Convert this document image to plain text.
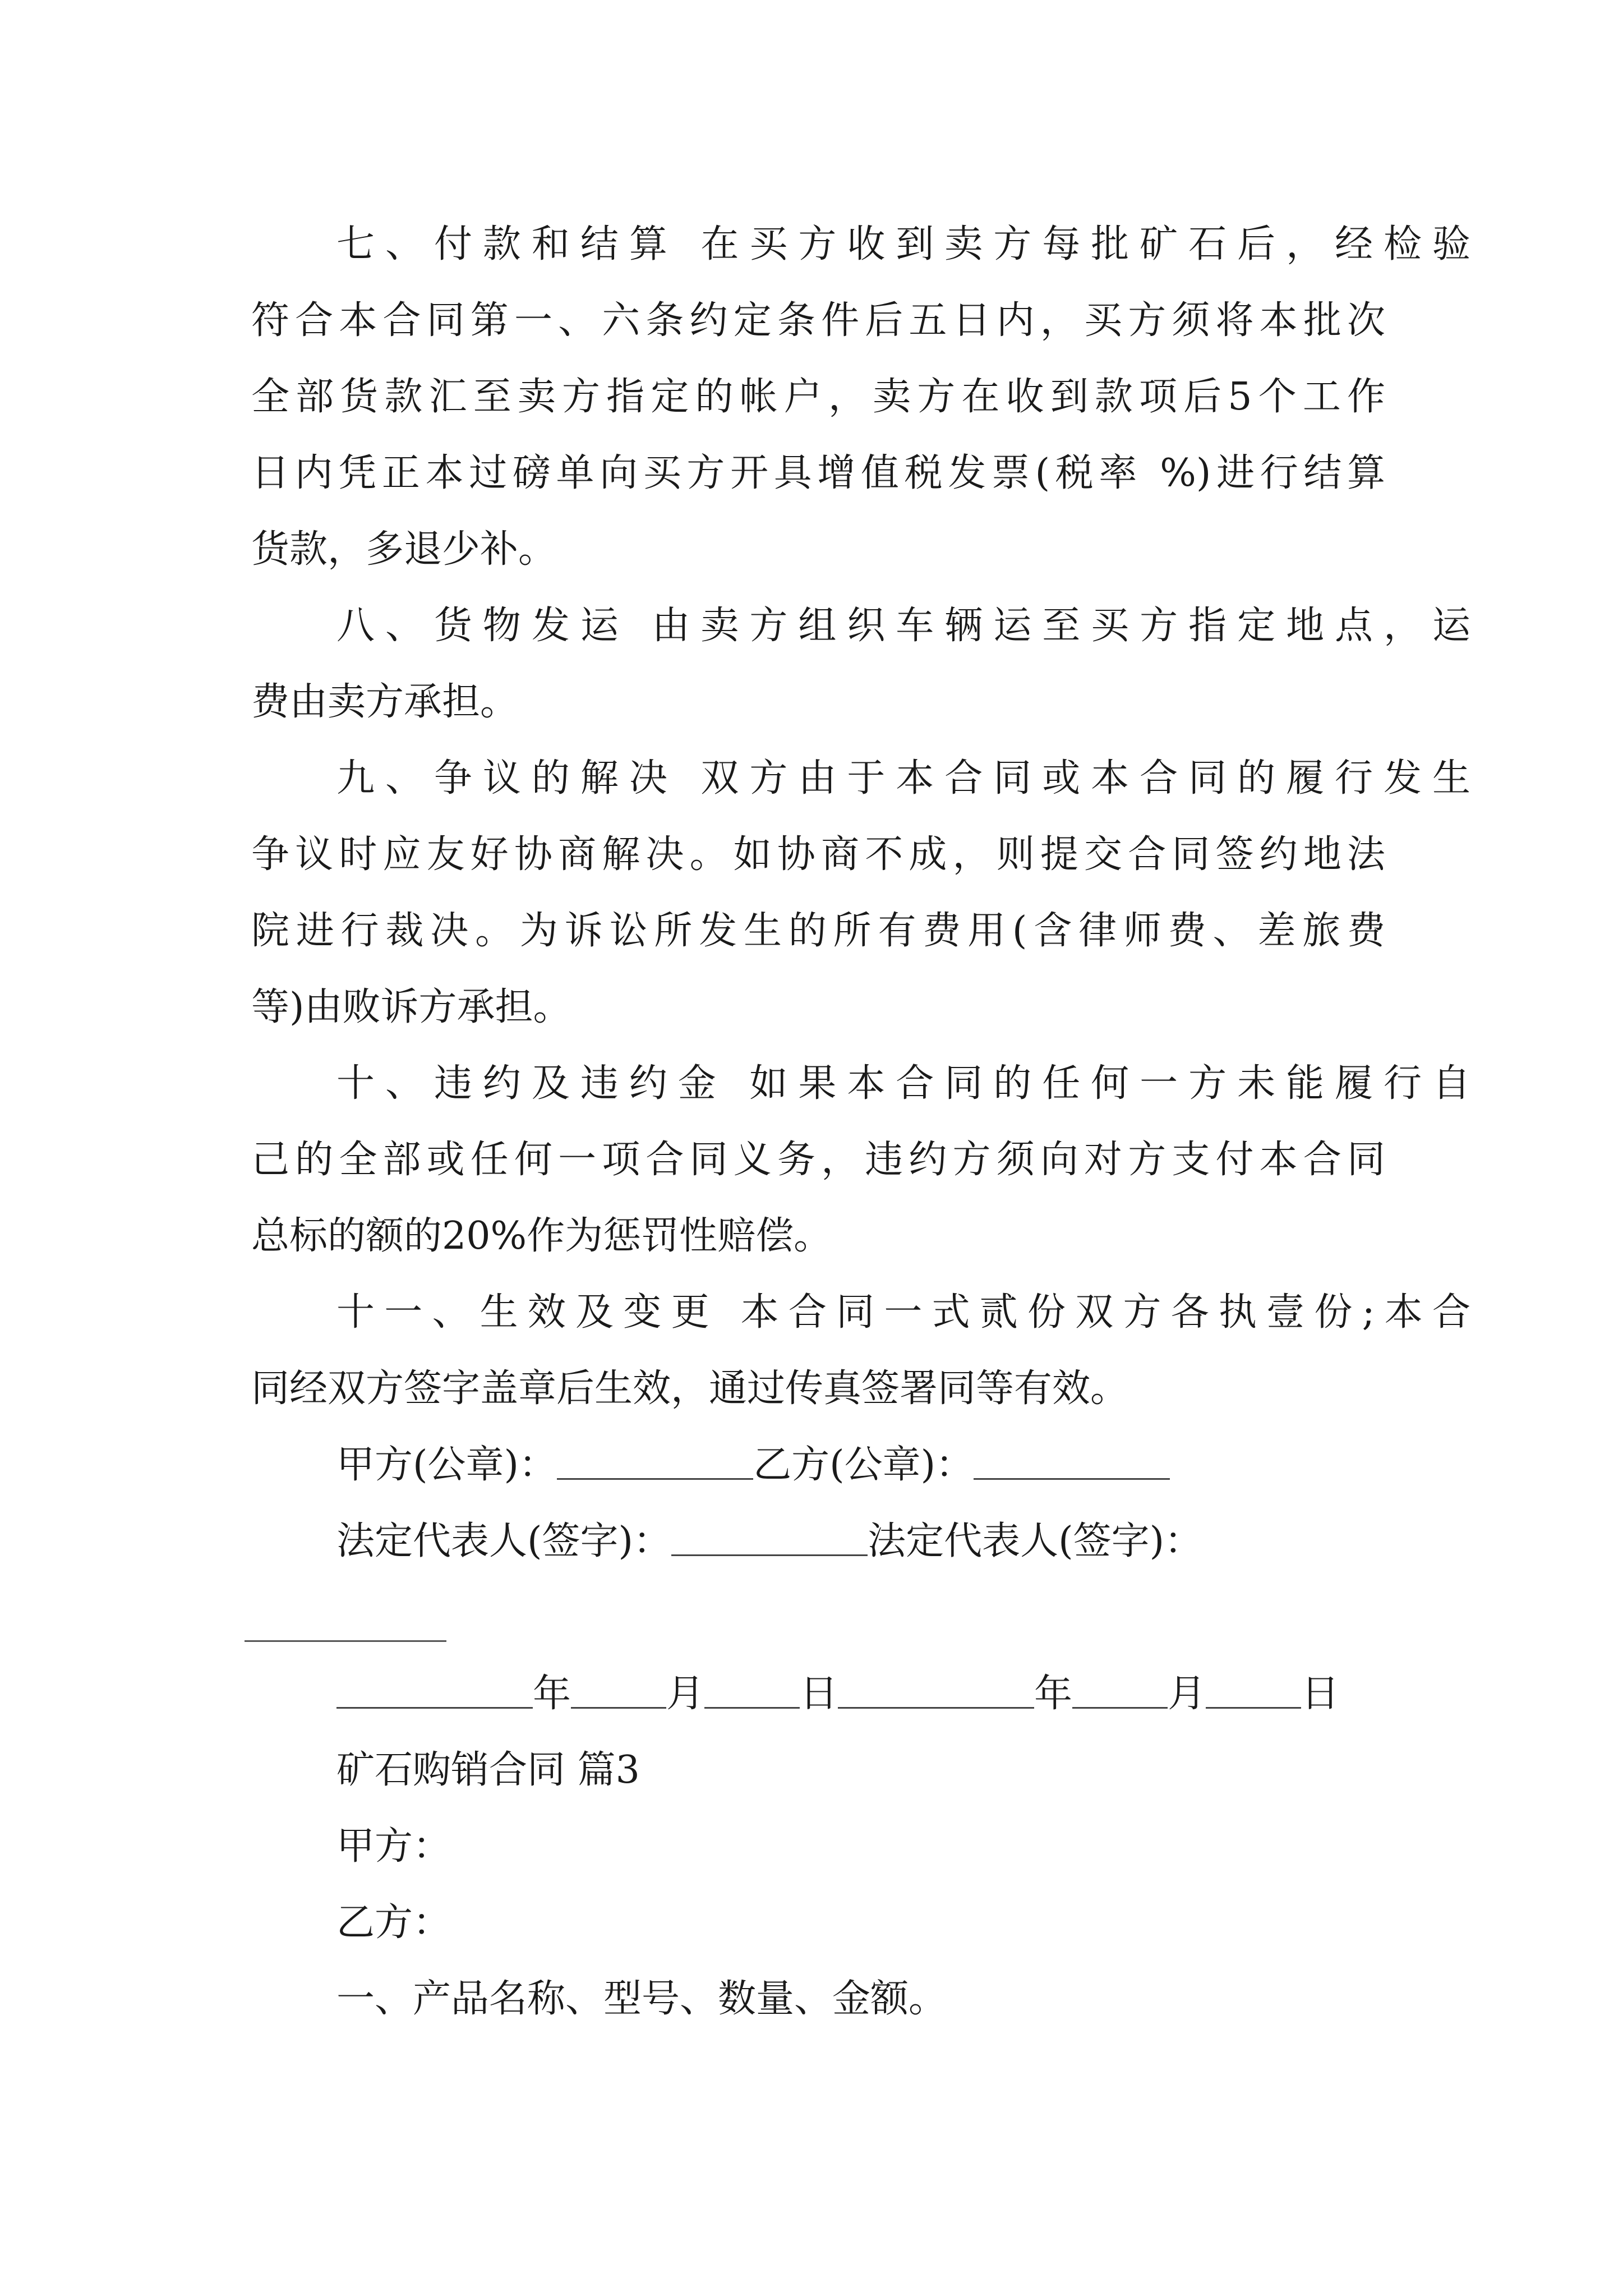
七、付款和结算 在买方收到卖方每批矿石后，经检验
符合本合同第一、六条约定条件后五日内，买方须将本批次
全部货款汇至卖方指定的帐户，卖方在收到款项后5个工作
日内凭正本过磅单向买方开具增值税发票(税率 %)进行结算
货款，多退少补。
八、货物发运 由卖方组织车辆运至买方指定地点，运
费由卖方承担。
九、争议的解决 双方由于本合同或本合同的履行发生
争议时应友好协商解决。如协商不成，则提交合同签约地法
院进行裁决。为诉讼所发生的所有费用(含律师费、差旅费
等)由败诉方承担。
十、违约及违约金 如果本合同的任何一方未能履行自
己的全部或任何一项合同义务，违约方须向对方支付本合同
总标的额的20%作为惩罚性赔偿。
十一、生效及变更 本合同一式贰份双方各执壹份;本合
同经双方签字盖章后生效，通过传真签署同等有效。
甲方(公章)：	乙方(公章)：
法定代表人(签字)：	法定代表人(签字)：
年	月	日	年	月	日
矿石购销合同 篇3
甲方：
乙方：
一、产品名称、型号、数量、金额。
